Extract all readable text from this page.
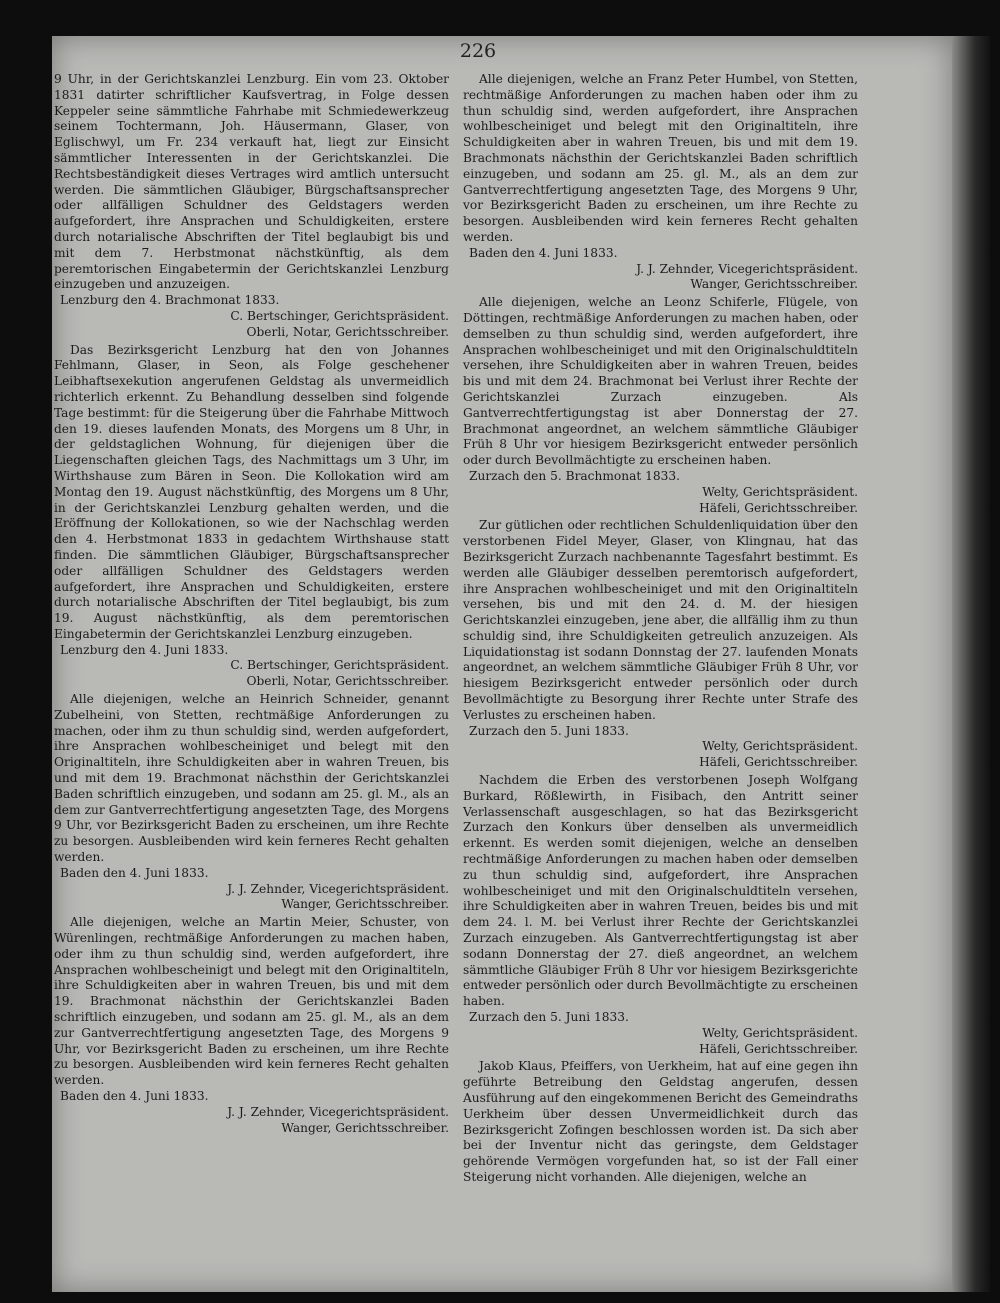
226

9 Uhr, in der Gerichtskanzlei Lenzburg. Ein vom 23. Oktober 1831 datirter schriftlicher Kaufsvertrag, in Folge dessen Keppeler seine sämmtliche Fahrhabe mit Schmiedewerkzeug seinem Tochtermann, Joh. Häusermann, Glaser, von Eglischwyl, um Fr. 234 verkauft hat, liegt zur Einsicht sämmtlicher Interessenten in der Gerichtskanzlei. Die Rechtsbeständigkeit dieses Vertrages wird amtlich untersucht werden. Die sämmtlichen Gläubiger, Bürgschaftsansprecher oder allfälligen Schuldner des Geldstagers werden aufgefordert, ihre Ansprachen und Schuldigkeiten, erstere durch notarialische Abschriften der Titel beglaubigt bis und mit dem 7. Herbstmonat nächstkünftig, als dem peremtorischen Eingabetermin der Gerichtskanzlei Lenzburg einzugeben und anzuzeigen.

Lenzburg den 4. Brachmonat 1833.

C. Bertschinger, Gerichtspräsident.

Oberli, Notar, Gerichtsschreiber.

Das Bezirksgericht Lenzburg hat den von Johannes Fehlmann, Glaser, in Seon, als Folge geschehener Leibhaftsexekution angerufenen Geldstag als unvermeidlich richterlich erkennt. Zu Behandlung desselben sind folgende Tage bestimmt: für die Steigerung über die Fahrhabe Mittwoch den 19. dieses laufenden Monats, des Morgens um 8 Uhr, in der geldstaglichen Wohnung, für diejenigen über die Liegenschaften gleichen Tags, des Nachmittags um 3 Uhr, im Wirthshause zum Bären in Seon. Die Kollokation wird am Montag den 19. August nächstkünftig, des Morgens um 8 Uhr, in der Gerichtskanzlei Lenzburg gehalten werden, und die Eröffnung der Kollokationen, so wie der Nachschlag werden den 4. Herbstmonat 1833 in gedachtem Wirthshause statt finden. Die sämmtlichen Gläubiger, Bürgschaftsansprecher oder allfälligen Schuldner des Geldstagers werden aufgefordert, ihre Ansprachen und Schuldigkeiten, erstere durch notarialische Abschriften der Titel beglaubigt, bis zum 19. August nächstkünftig, als dem peremtorischen Eingabetermin der Gerichtskanzlei Lenzburg einzugeben.

Lenzburg den 4. Juni 1833.

C. Bertschinger, Gerichtspräsident.

Oberli, Notar, Gerichtsschreiber.

Alle diejenigen, welche an Heinrich Schneider, genannt Zubelheini, von Stetten, rechtmäßige Anforderungen zu machen, oder ihm zu thun schuldig sind, werden aufgefordert, ihre Ansprachen wohlbescheiniget und belegt mit den Originaltiteln, ihre Schuldigkeiten aber in wahren Treuen, bis und mit dem 19. Brachmonat nächsthin der Gerichtskanzlei Baden schriftlich einzugeben, und sodann am 25. gl. M., als an dem zur Gantverrechtfertigung angesetzten Tage, des Morgens 9 Uhr, vor Bezirksgericht Baden zu erscheinen, um ihre Rechte zu besorgen. Ausbleibenden wird kein ferneres Recht gehalten werden.

Baden den 4. Juni 1833.

J. J. Zehnder, Vicegerichtspräsident.

Wanger, Gerichtsschreiber.

Alle diejenigen, welche an Martin Meier, Schuster, von Würenlingen, rechtmäßige Anforderungen zu machen haben, oder ihm zu thun schuldig sind, werden aufgefordert, ihre Ansprachen wohlbescheinigt und belegt mit den Originaltiteln, ihre Schuldigkeiten aber in wahren Treuen, bis und mit dem 19. Brachmonat nächsthin der Gerichtskanzlei Baden schriftlich einzugeben, und sodann am 25. gl. M., als an dem zur Gantverrechtfertigung angesetzten Tage, des Morgens 9 Uhr, vor Bezirksgericht Baden zu erscheinen, um ihre Rechte zu besorgen. Ausbleibenden wird kein ferneres Recht gehalten werden.

Baden den 4. Juni 1833.

J. J. Zehnder, Vicegerichtspräsident.

Wanger, Gerichtsschreiber.

Alle diejenigen, welche an Franz Peter Humbel, von Stetten, rechtmäßige Anforderungen zu machen haben oder ihm zu thun schuldig sind, werden aufgefordert, ihre Ansprachen wohlbescheiniget und belegt mit den Originaltiteln, ihre Schuldigkeiten aber in wahren Treuen, bis und mit dem 19. Brachmonats nächsthin der Gerichtskanzlei Baden schriftlich einzugeben, und sodann am 25. gl. M., als an dem zur Gantverrechtfertigung angesetzten Tage, des Morgens 9 Uhr, vor Bezirksgericht Baden zu erscheinen, um ihre Rechte zu besorgen. Ausbleibenden wird kein ferneres Recht gehalten werden.

Baden den 4. Juni 1833.

J. J. Zehnder, Vicegerichtspräsident.

Wanger, Gerichtsschreiber.

Alle diejenigen, welche an Leonz Schiferle, Flügele, von Döttingen, rechtmäßige Anforderungen zu machen haben, oder demselben zu thun schuldig sind, werden aufgefordert, ihre Ansprachen wohlbescheiniget und mit den Originalschuldtiteln versehen, ihre Schuldigkeiten aber in wahren Treuen, beides bis und mit dem 24. Brachmonat bei Verlust ihrer Rechte der Gerichtskanzlei Zurzach einzugeben. Als Gantverrechtfertigungstag ist aber Donnerstag der 27. Brachmonat angeordnet, an welchem sämmtliche Gläubiger Früh 8 Uhr vor hiesigem Bezirksgericht entweder persönlich oder durch Bevollmächtigte zu erscheinen haben.

Zurzach den 5. Brachmonat 1833.

Welty, Gerichtspräsident.

Häfeli, Gerichtsschreiber.

Zur gütlichen oder rechtlichen Schuldenliquidation über den verstorbenen Fidel Meyer, Glaser, von Klingnau, hat das Bezirksgericht Zurzach nachbenannte Tagesfahrt bestimmt. Es werden alle Gläubiger desselben peremtorisch aufgefordert, ihre Ansprachen wohlbescheiniget und mit den Originaltiteln versehen, bis und mit den 24. d. M. der hiesigen Gerichtskanzlei einzugeben, jene aber, die allfällig ihm zu thun schuldig sind, ihre Schuldigkeiten getreulich anzuzeigen. Als Liquidationstag ist sodann Donnstag der 27. laufenden Monats angeordnet, an welchem sämmtliche Gläubiger Früh 8 Uhr, vor hiesigem Bezirksgericht entweder persönlich oder durch Bevollmächtigte zu Besorgung ihrer Rechte unter Strafe des Verlustes zu erscheinen haben.

Zurzach den 5. Juni 1833.

Welty, Gerichtspräsident.

Häfeli, Gerichtsschreiber.

Nachdem die Erben des verstorbenen Joseph Wolfgang Burkard, Rößlewirth, in Fisibach, den Antritt seiner Verlassenschaft ausgeschlagen, so hat das Bezirksgericht Zurzach den Konkurs über denselben als unvermeidlich erkennt. Es werden somit diejenigen, welche an denselben rechtmäßige Anforderungen zu machen haben oder demselben zu thun schuldig sind, aufgefordert, ihre Ansprachen wohlbescheiniget und mit den Originalschuldtiteln versehen, ihre Schuldigkeiten aber in wahren Treuen, beides bis und mit dem 24. l. M. bei Verlust ihrer Rechte der Gerichtskanzlei Zurzach einzugeben. Als Gantverrechtfertigungstag ist aber sodann Donnerstag der 27. dieß angeordnet, an welchem sämmtliche Gläubiger Früh 8 Uhr vor hiesigem Bezirksgerichte entweder persönlich oder durch Bevollmächtigte zu erscheinen haben.

Zurzach den 5. Juni 1833.

Welty, Gerichtspräsident.

Häfeli, Gerichtsschreiber.

Jakob Klaus, Pfeiffers, von Uerkheim, hat auf eine gegen ihn geführte Betreibung den Geldstag angerufen, dessen Ausführung auf den eingekommenen Bericht des Gemeindraths Uerkheim über dessen Unvermeidlichkeit durch das Bezirksgericht Zofingen beschlossen worden ist. Da sich aber bei der Inventur nicht das geringste, dem Geldstager gehörende Vermögen vorgefunden hat, so ist der Fall einer Steigerung nicht vorhanden. Alle diejenigen, welche an
